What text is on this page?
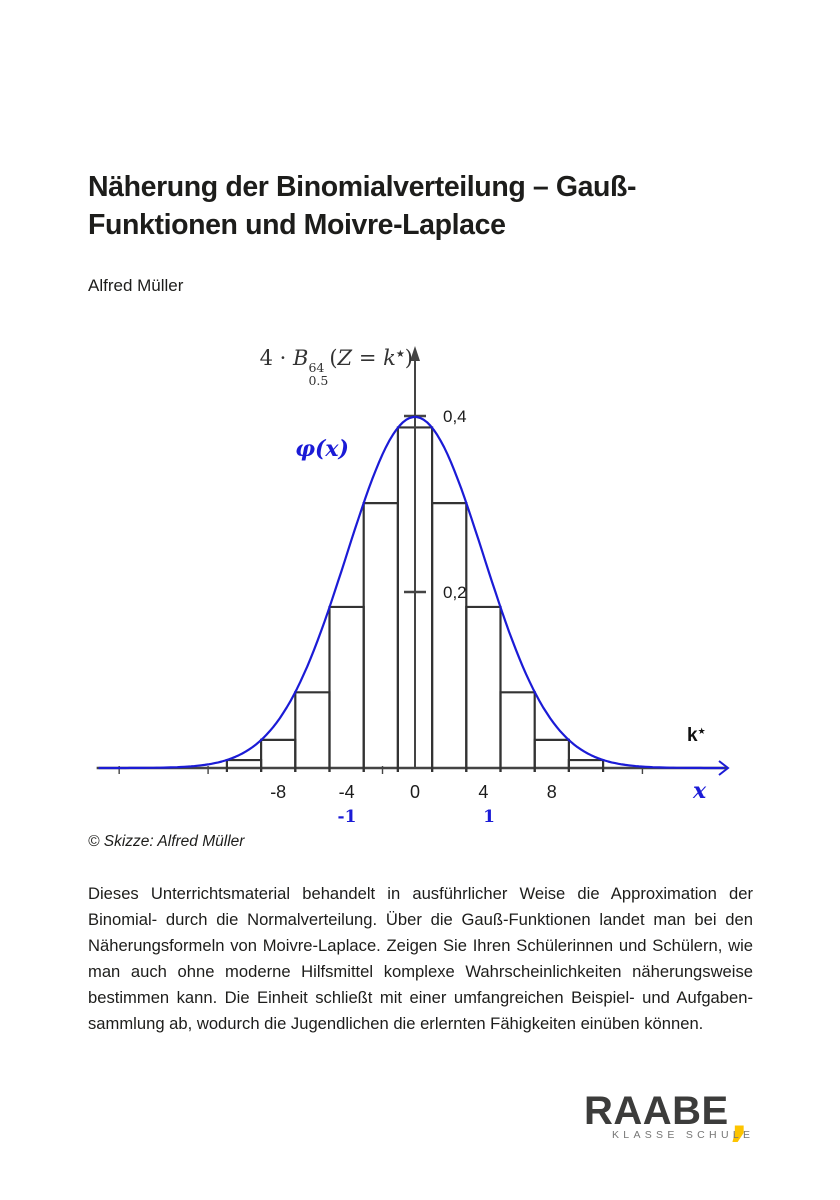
Näherung der Binomialverteilung – Gauß-
Funktionen und Moivre-Laplace
Alfred Müller
0,2
0,4
-8	-4	0	4	8
4 · B 64
0.5
(Z = k★)
φ(x)
k★
x
-1	1
© Skizze: Alfred Müller

Dieses Unterrichtsmaterial behandelt in ausführlicher Weise die Approximation der Binomial- durch die Normalverteilung. Über die Gauß-Funktionen landet man bei den Näherungsformeln von Moivre-Laplace. Zeigen Sie Ihren Schülerinnen und Schülern, wie man auch ohne moderne Hilfsmittel komplexe Wahrscheinlichkeiten näherungsweise bestimmen kann. Die Einheit schließt mit einer umfangreichen Beispiel- und Aufgabensammlung ab, wodurch die Jugendlichen die erlernten Fähigkeiten einüben können.

RAABE,
KLASSE SCHULE
